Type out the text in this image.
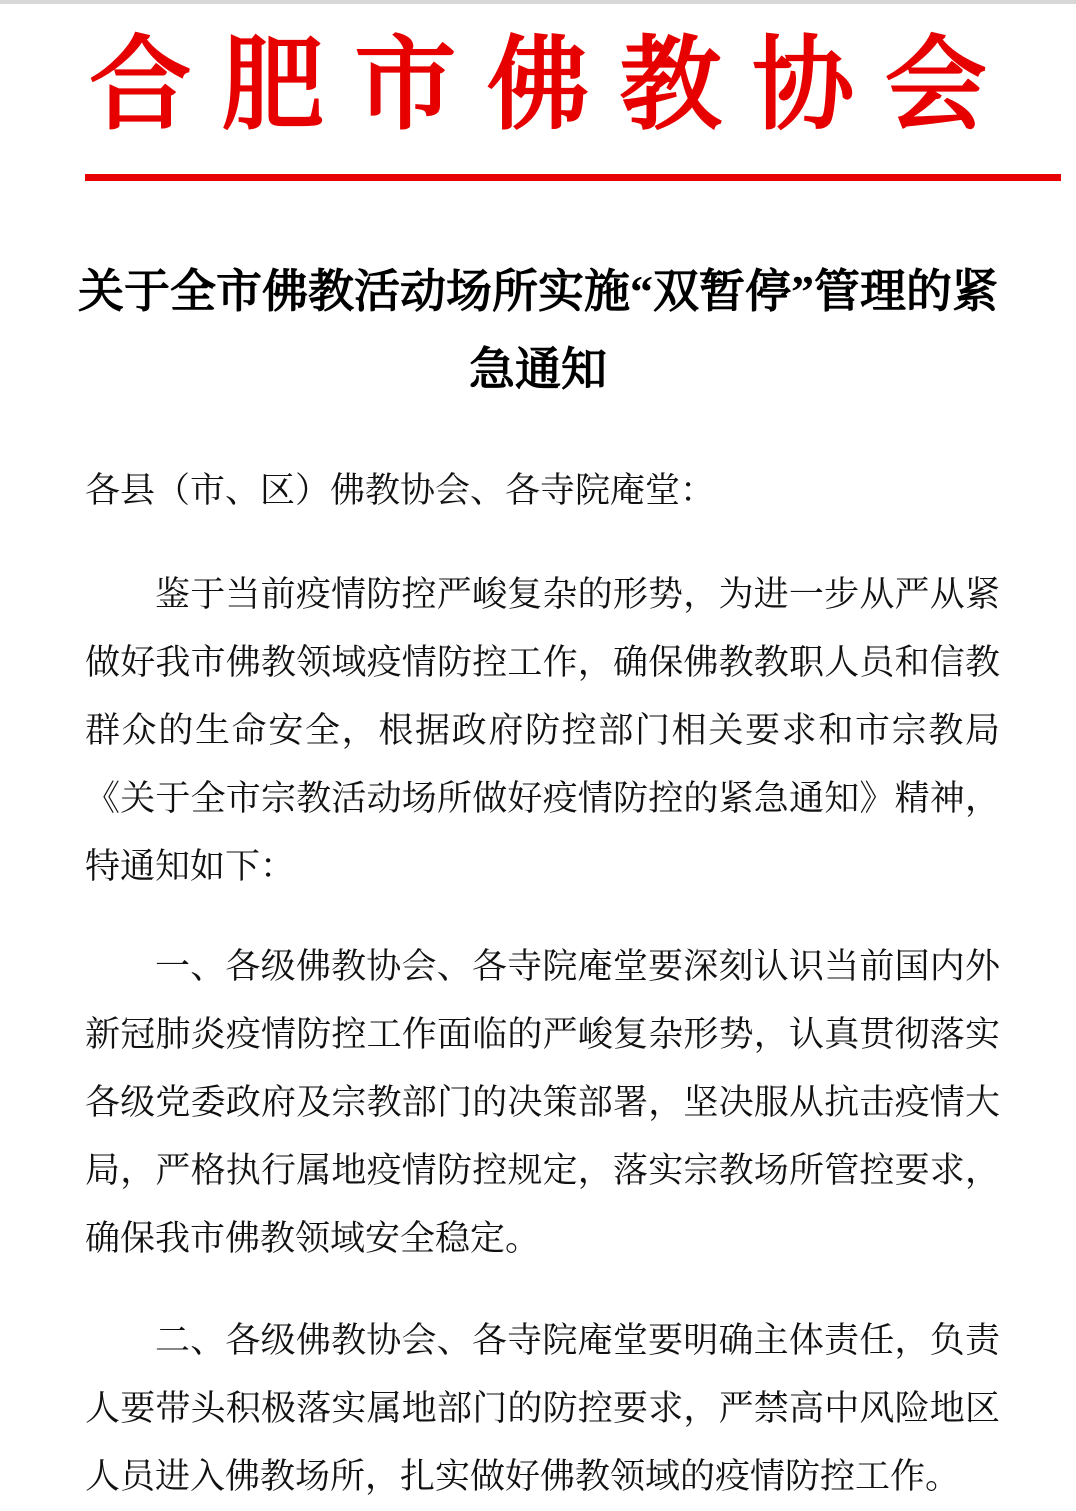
合肥市佛教协会
关于全市佛教活动场所实施“双暂停”管理的紧急通知

各县（市、区）佛教协会、各寺院庵堂：

鉴于当前疫情防控严峻复杂的形势，为进一步从严从紧做好我市佛教领域疫情防控工作，确保佛教教职人员和信教群众的生命安全，根据政府防控部门相关要求和市宗教局《关于全市宗教活动场所做好疫情防控的紧急通知》精神，特通知如下：

一、各级佛教协会、各寺院庵堂要深刻认识当前国内外新冠肺炎疫情防控工作面临的严峻复杂形势，认真贯彻落实各级党委政府及宗教部门的决策部署，坚决服从抗击疫情大局，严格执行属地疫情防控规定，落实宗教场所管控要求，确保我市佛教领域安全稳定。

二、各级佛教协会、各寺院庵堂要明确主体责任，负责人要带头积极落实属地部门的防控要求，严禁高中风险地区人员进入佛教场所，扎实做好佛教领域的疫情防控工作。
